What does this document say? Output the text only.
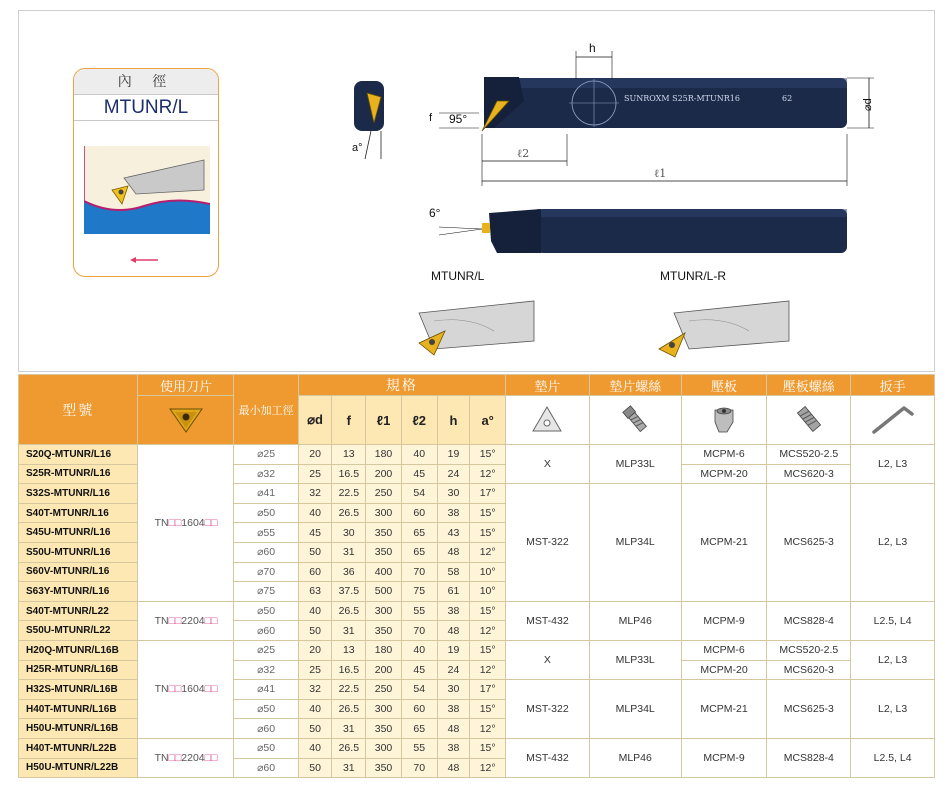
內 徑
MTUNR/L
a°
SUNROXM S25R-MTUNR16	62
h
⌀d
f 95°
ℓ2
ℓ1
6°
MTUNR/L	MTUNR/L-R
型號	使用刀片	最小加工徑	規格						墊片	墊片螺絲	壓板	壓板螺絲	扳手
	⌀d	f	ℓ1	ℓ2	h	a°					
S20Q-MTUNR/L16	TN□□1604□□	⌀25	20	13	180	40	19	15°	X	MLP33L	MCPM-6	MCS520-2.5	L2, L3
S25R-MTUNR/L16		⌀32	25	16.5	200	45	24	12°			MCPM-20	MCS620-3	
S32S-MTUNR/L16		⌀41	32	22.5	250	54	30	17°	MST-322	MLP34L	MCPM-21	MCS625-3	L2, L3
S40T-MTUNR/L16		⌀50	40	26.5	300	60	38	15°					
S45U-MTUNR/L16		⌀55	45	30	350	65	43	15°					
S50U-MTUNR/L16		⌀60	50	31	350	65	48	12°					
S60V-MTUNR/L16		⌀70	60	36	400	70	58	10°					
S63Y-MTUNR/L16		⌀75	63	37.5	500	75	61	10°					
S40T-MTUNR/L22	TN□□2204□□	⌀50	40	26.5	300	55	38	15°	MST-432	MLP46	MCPM-9	MCS828-4	L2.5, L4
S50U-MTUNR/L22		⌀60	50	31	350	70	48	12°					
H20Q-MTUNR/L16B	TN□□1604□□	⌀25	20	13	180	40	19	15°	X	MLP33L	MCPM-6	MCS520-2.5	L2, L3
H25R-MTUNR/L16B		⌀32	25	16.5	200	45	24	12°			MCPM-20	MCS620-3	
H32S-MTUNR/L16B		⌀41	32	22.5	250	54	30	17°	MST-322	MLP34L	MCPM-21	MCS625-3	L2, L3
H40T-MTUNR/L16B		⌀50	40	26.5	300	60	38	15°					
H50U-MTUNR/L16B		⌀60	50	31	350	65	48	12°					
H40T-MTUNR/L22B	TN□□2204□□	⌀50	40	26.5	300	55	38	15°	MST-432	MLP46	MCPM-9	MCS828-4	L2.5, L4
H50U-MTUNR/L22B		⌀60	50	31	350	70	48	12°					
